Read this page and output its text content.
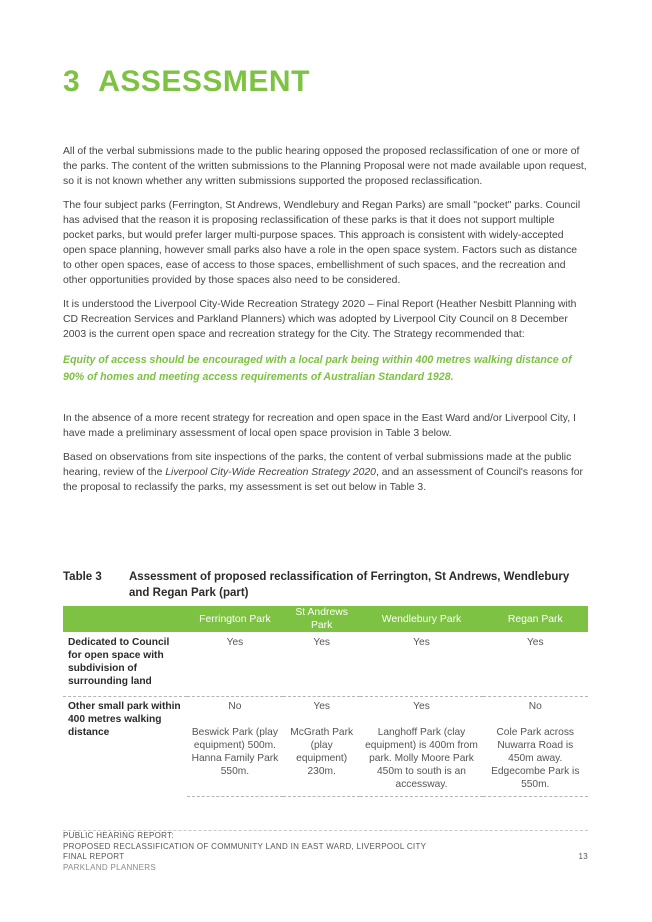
3 ASSESSMENT

All of the verbal submissions made to the public hearing opposed the proposed reclassification of one or more of the parks. The content of the written submissions to the Planning Proposal were not made available upon request, so it is not known whether any written submissions supported the proposed reclassification.

The four subject parks (Ferrington, St Andrews, Wendlebury and Regan Parks) are small "pocket" parks. Council has advised that the reason it is proposing reclassification of these parks is that it does not support multiple pocket parks, but would prefer larger multi-purpose spaces. This approach is consistent with widely-accepted open space planning, however small parks also have a role in the open space system. Factors such as distance to other open spaces, ease of access to those spaces, embellishment of such spaces, and the recreation and other opportunities provided by those spaces also need to be considered.

It is understood the Liverpool City-Wide Recreation Strategy 2020 – Final Report (Heather Nesbitt Planning with CD Recreation Services and Parkland Planners) which was adopted by Liverpool City Council on 8 December 2003 is the current open space and recreation strategy for the City. The Strategy recommended that:

Equity of access should be encouraged with a local park being within 400 metres walking distance of 90% of homes and meeting access requirements of Australian Standard 1928.

In the absence of a more recent strategy for recreation and open space in the East Ward and/or Liverpool City, I have made a preliminary assessment of local open space provision in Table 3 below.

Based on observations from site inspections of the parks, the content of verbal submissions made at the public hearing, review of the Liverpool City-Wide Recreation Strategy 2020, and an assessment of Council's reasons for the proposal to reclassify the parks, my assessment is set out below in Table 3.

Table 3	Assessment of proposed reclassification of Ferrington, St Andrews, Wendlebury and Regan Park (part)
	Ferrington Park	St Andrews Park	Wendlebury Park	Regan Park
Dedicated to Council for open space with subdivision of surrounding land	Yes	Yes	Yes	Yes
Other small park within 400 metres walking distance	No	Yes	Yes	No

	Beswick Park (play equipment) 500m. Hanna Family Park 550m.	McGrath Park (play equipment) 230m.	Langhoff Park (clay equipment) is 400m from park. Molly Moore Park 450m to south is an accessway.	Cole Park across Nuwarra Road is 450m away. Edgecombe Park is 550m.
PUBLIC HEARING REPORT:
PROPOSED RECLASSIFICATION OF COMMUNITY LAND IN EAST WARD, LIVERPOOL CITY
FINAL REPORT	13
PARKLAND PLANNERS
